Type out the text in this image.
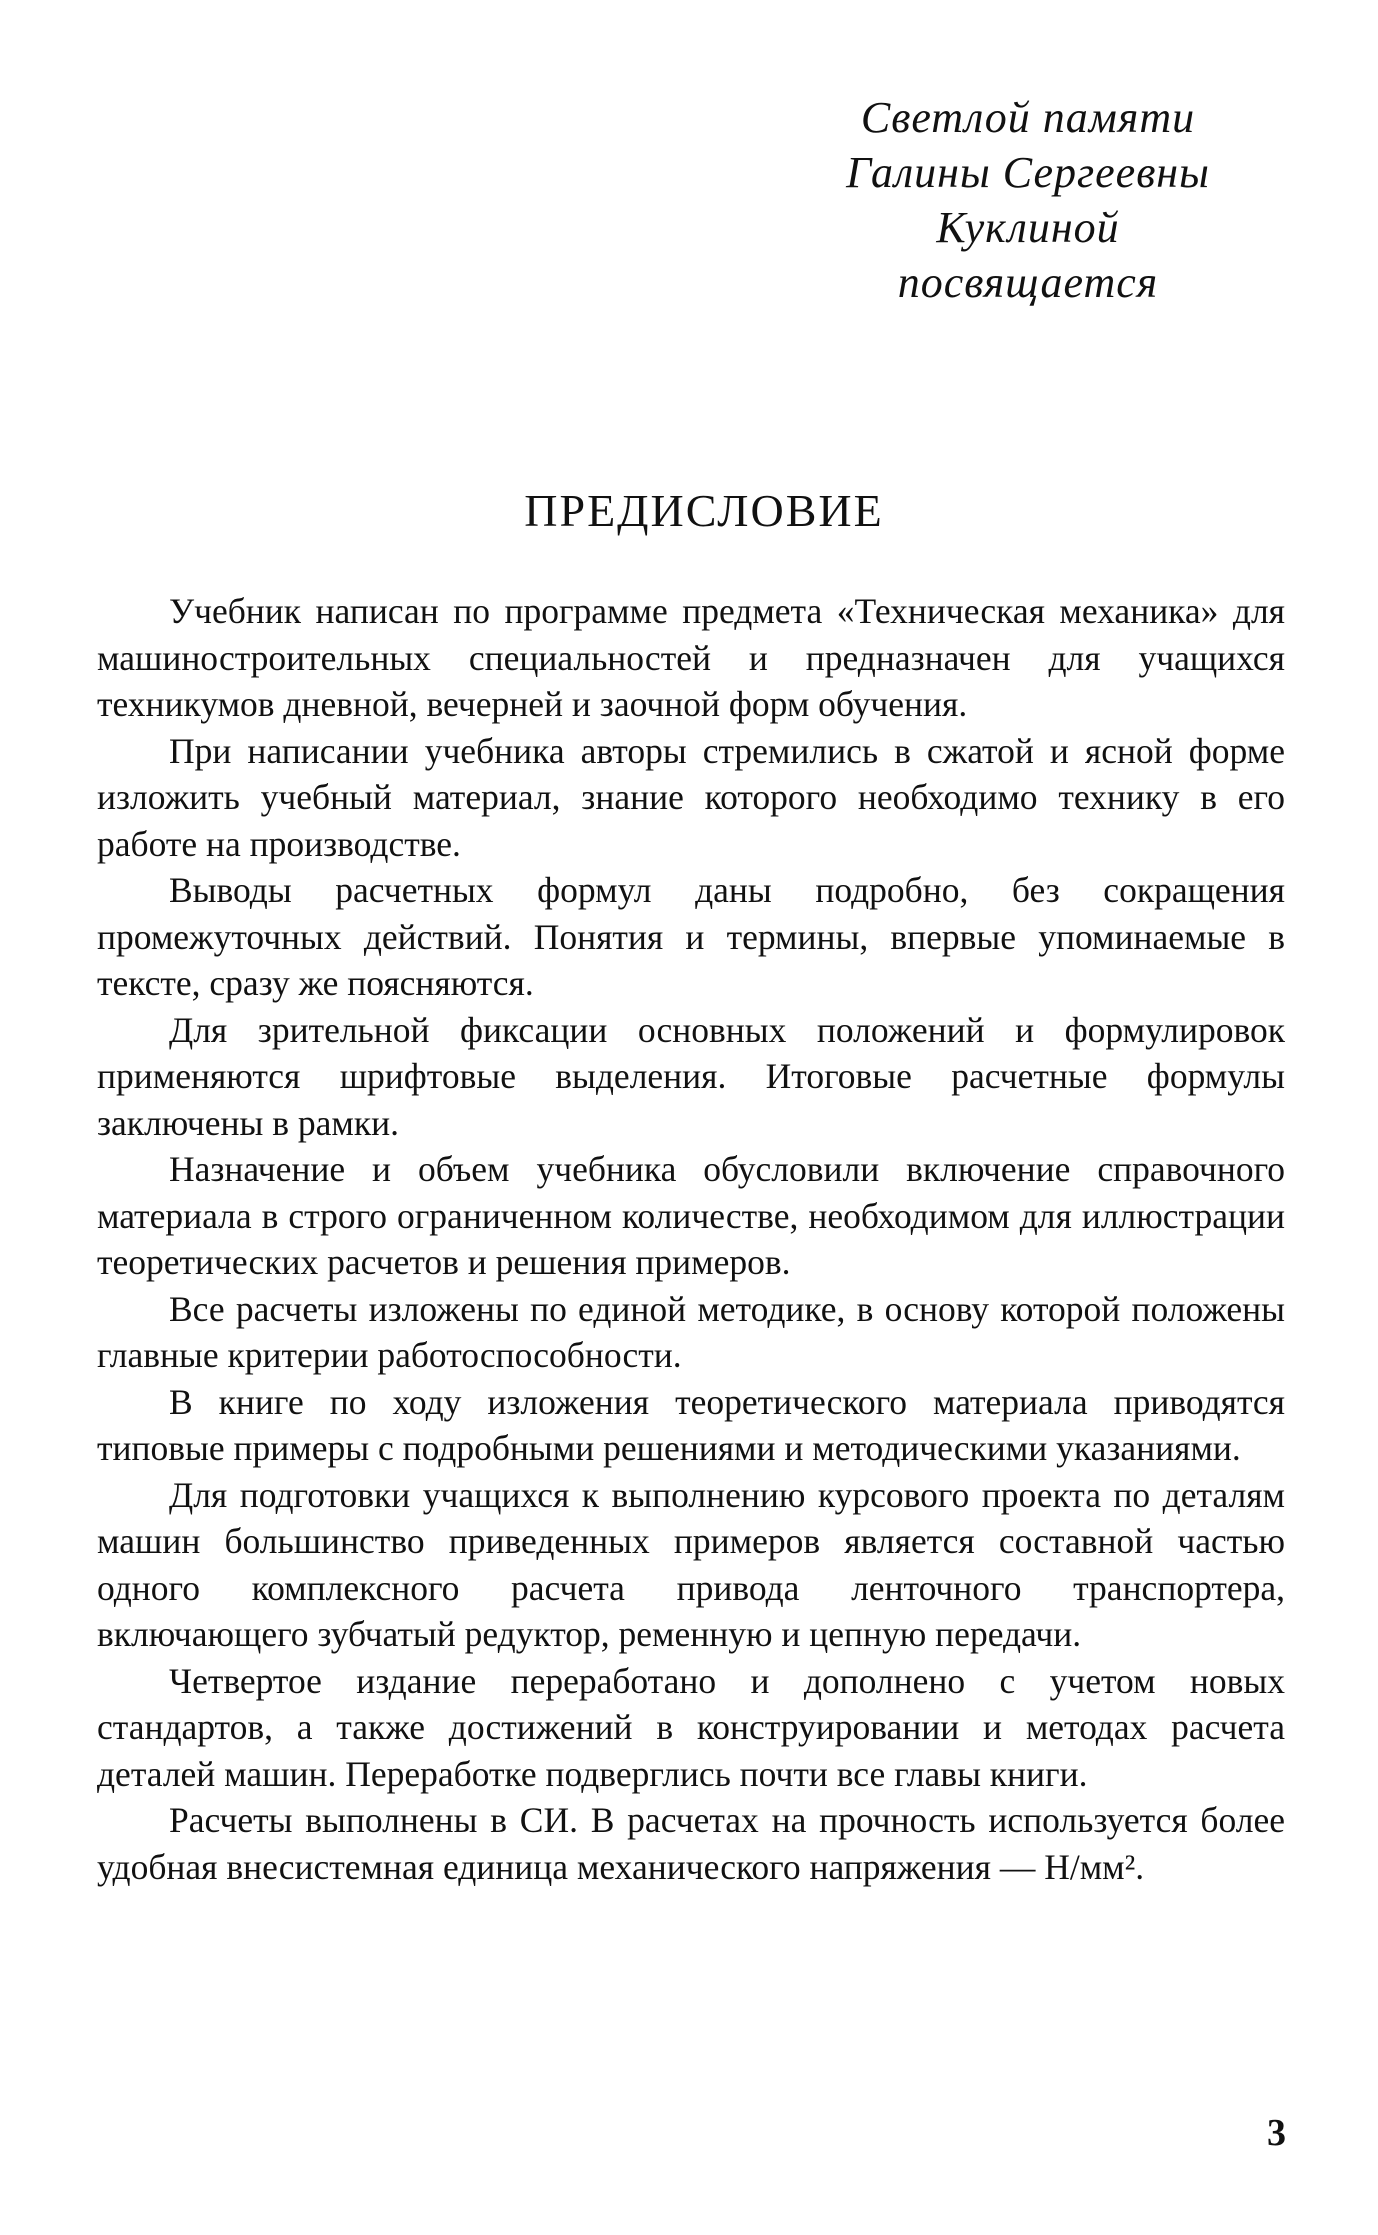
Светлой памяти
Галины Сергеевны
Куклиной
посвящается
ПРЕДИСЛОВИЕ

Учебник написан по программе предмета «Техническая механика» для машиностроительных специальностей и предназначен для учащихся техникумов дневной, вечерней и заочной форм обучения.

При написании учебника авторы стремились в сжатой и ясной форме изложить учебный материал, знание которого необходимо технику в его работе на производстве.

Выводы расчетных формул даны подробно, без сокращения промежуточных действий. Понятия и термины, впервые упоминаемые в тексте, сразу же поясняются.

Для зрительной фиксации основных положений и формулировок применяются шрифтовые выделения. Итоговые расчетные формулы заключены в рамки.

Назначение и объем учебника обусловили включение справочного материала в строго ограниченном количестве, необходимом для иллюстрации теоретических расчетов и решения примеров.

Все расчеты изложены по единой методике, в основу которой положены главные критерии работоспособности.

В книге по ходу изложения теоретического материала приводятся типовые примеры с подробными решениями и методическими указаниями.

Для подготовки учащихся к выполнению курсового проекта по деталям машин большинство приведенных примеров является составной частью одного комплексного расчета привода ленточного транспортера, включающего зубчатый редуктор, ременную и цепную передачи.

Четвертое издание переработано и дополнено с учетом новых стандартов, а также достижений в конструировании и методах расчета деталей машин. Переработке подверглись почти все главы книги.

Расчеты выполнены в СИ. В расчетах на прочность используется более удобная внесистемная единица механического напряжения — Н/мм².

3
